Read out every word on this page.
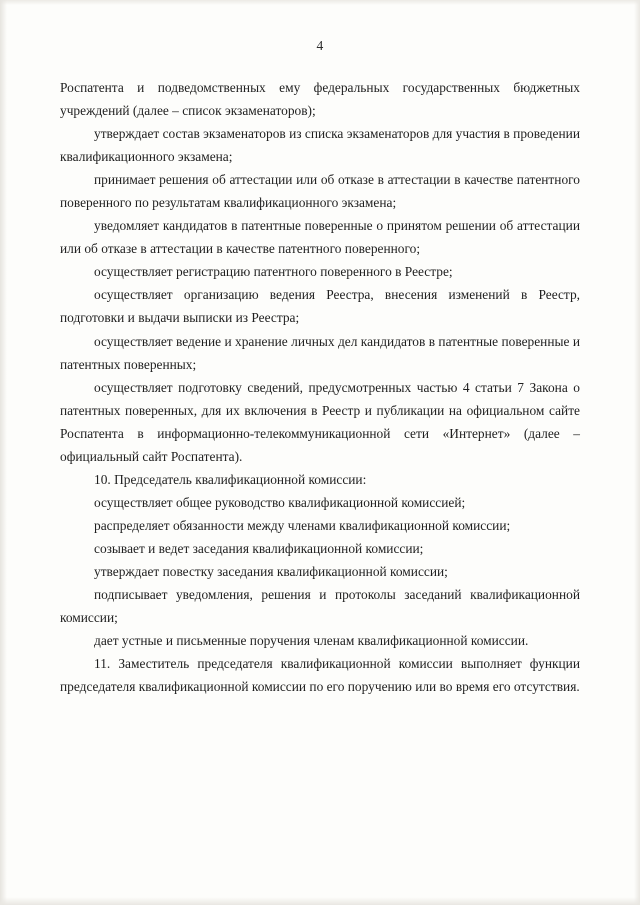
4

Роспатента и подведомственных ему федеральных государственных бюджетных учреждений (далее – список экзаменаторов);

утверждает состав экзаменаторов из списка экзаменаторов для участия в проведении квалификационного экзамена;

принимает решения об аттестации или об отказе в аттестации в качестве патентного поверенного по результатам квалификационного экзамена;

уведомляет кандидатов в патентные поверенные о принятом решении об аттестации или об отказе в аттестации в качестве патентного поверенного;

осуществляет регистрацию патентного поверенного в Реестре;

осуществляет организацию ведения Реестра, внесения изменений в Реестр, подготовки и выдачи выписки из Реестра;

осуществляет ведение и хранение личных дел кандидатов в патентные поверенные и патентных поверенных;

осуществляет подготовку сведений, предусмотренных частью 4 статьи 7 Закона о патентных поверенных, для их включения в Реестр и публикации на официальном сайте Роспатента в информационно-телекоммуникационной сети «Интернет» (далее – официальный сайт Роспатента).

10. Председатель квалификационной комиссии:

осуществляет общее руководство квалификационной комиссией;

распределяет обязанности между членами квалификационной комиссии;

созывает и ведет заседания квалификационной комиссии;

утверждает повестку заседания квалификационной комиссии;

подписывает уведомления, решения и протоколы заседаний квалификационной комиссии;

дает устные и письменные поручения членам квалификационной комиссии.

11. Заместитель председателя квалификационной комиссии выполняет функции председателя квалификационной комиссии по его поручению или во время его отсутствия.
